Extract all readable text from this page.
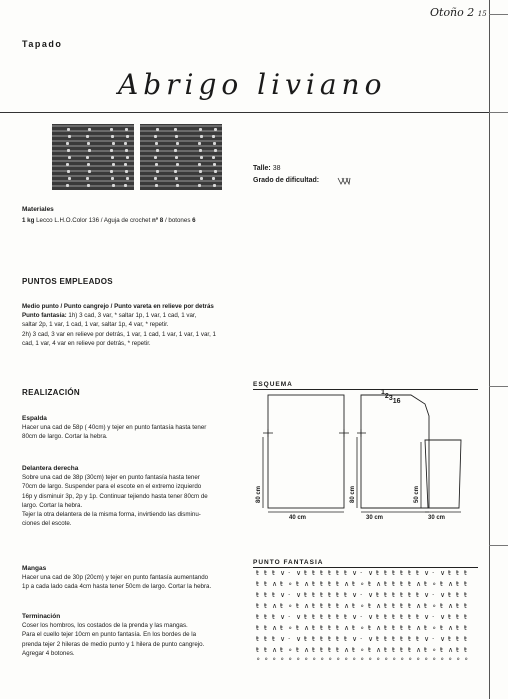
Otoño 2 15
Tapado
Abrigo liviano
Talle: 38
Grado de dificultad:
Materiales
1 kg Lecco L.H.O.Color 136 / Aguja de crochet nº 8 / botones 6
PUNTOS EMPLEADOS
Medio punto / Punto cangrejo / Punto vareta en relieve por detrás
Punto fantasía: 1h) 3 cad, 3 var, * saltar 1p, 1 var, 1 cad, 1 var,
saltar 2p, 1 var, 1 cad, 1 var, saltar 1p, 4 var, * repetir.
2h) 3 cad, 3 var en relieve por detrás, 1 var, 1 cad, 1 var, 1 var, 1 var, 1
cad, 1 var, 4 var en relieve por detrás, * repetir.
REALIZACIÓN
Espalda
Hacer una cad de 58p ( 40cm) y tejer en punto fantasía hasta tener
80cm de largo. Cortar la hebra.
Delantera derecha
Sobre una cad de 38p (30cm) tejer en punto fantasía hasta tener
70cm de largo. Suspender para el escote en el extremo izquierdo
16p y disminuir 3p, 2p y 1p. Continuar tejiendo hasta tener 80cm de
largo. Cortar la hebra.
Tejer la otra delantera de la misma forma, invirtiendo las disminu-
ciones del escote.
Mangas
Hacer una cad de 30p (20cm) y tejer en punto fantasía aumentando
1p a cada lado cada 4cm hasta tener 50cm de largo. Cortar la hebra.
Terminación
Coser los hombros, los costados de la prenda y las mangas.
Para el cuello tejer 10cm en punto fantasía. En los bordes de la
prenda tejer 2 hileras de medio punto y 1 hilera de punto cangrejo.
Agregar 4 botones.
ESQUEMA
12316
80 cm
40 cm
80 cm
30 cm
50 cm
30 cm
PUNTO FANTASIA
ŧ ŧ ŧ ∨ · ∨ ŧ ŧ ŧ ŧ ŧ ŧ ∨ · ∨ ŧ ŧ ŧ ŧ ŧ ŧ ∨ · ∨ ŧ ŧ ŧ
ŧ ŧ ∧ ŧ ∘ ŧ ∧ ŧ ŧ ŧ ŧ ∧ ŧ ∘ ŧ ∧ ŧ ŧ ŧ ŧ ∧ ŧ ∘ ŧ ∧ ŧ ŧ
ŧ ŧ ŧ ∨ · ∨ ŧ ŧ ŧ ŧ ŧ ŧ ∨ · ∨ ŧ ŧ ŧ ŧ ŧ ŧ ∨ · ∨ ŧ ŧ ŧ
ŧ ŧ ∧ ŧ ∘ ŧ ∧ ŧ ŧ ŧ ŧ ∧ ŧ ∘ ŧ ∧ ŧ ŧ ŧ ŧ ∧ ŧ ∘ ŧ ∧ ŧ ŧ
ŧ ŧ ŧ ∨ · ∨ ŧ ŧ ŧ ŧ ŧ ŧ ∨ · ∨ ŧ ŧ ŧ ŧ ŧ ŧ ∨ · ∨ ŧ ŧ ŧ
ŧ ŧ ∧ ŧ ∘ ŧ ∧ ŧ ŧ ŧ ŧ ∧ ŧ ∘ ŧ ∧ ŧ ŧ ŧ ŧ ∧ ŧ ∘ ŧ ∧ ŧ ŧ
ŧ ŧ ŧ ∨ · ∨ ŧ ŧ ŧ ŧ ŧ ŧ ∨ · ∨ ŧ ŧ ŧ ŧ ŧ ŧ ∨ · ∨ ŧ ŧ ŧ
ŧ ŧ ∧ ŧ ∘ ŧ ∧ ŧ ŧ ŧ ŧ ∧ ŧ ∘ ŧ ∧ ŧ ŧ ŧ ŧ ∧ ŧ ∘ ŧ ∧ ŧ ŧ
∘ ∘ ∘ ∘ ∘ ∘ ∘ ∘ ∘ ∘ ∘ ∘ ∘ ∘ ∘ ∘ ∘ ∘ ∘ ∘ ∘ ∘ ∘ ∘ ∘ ∘ ∘
